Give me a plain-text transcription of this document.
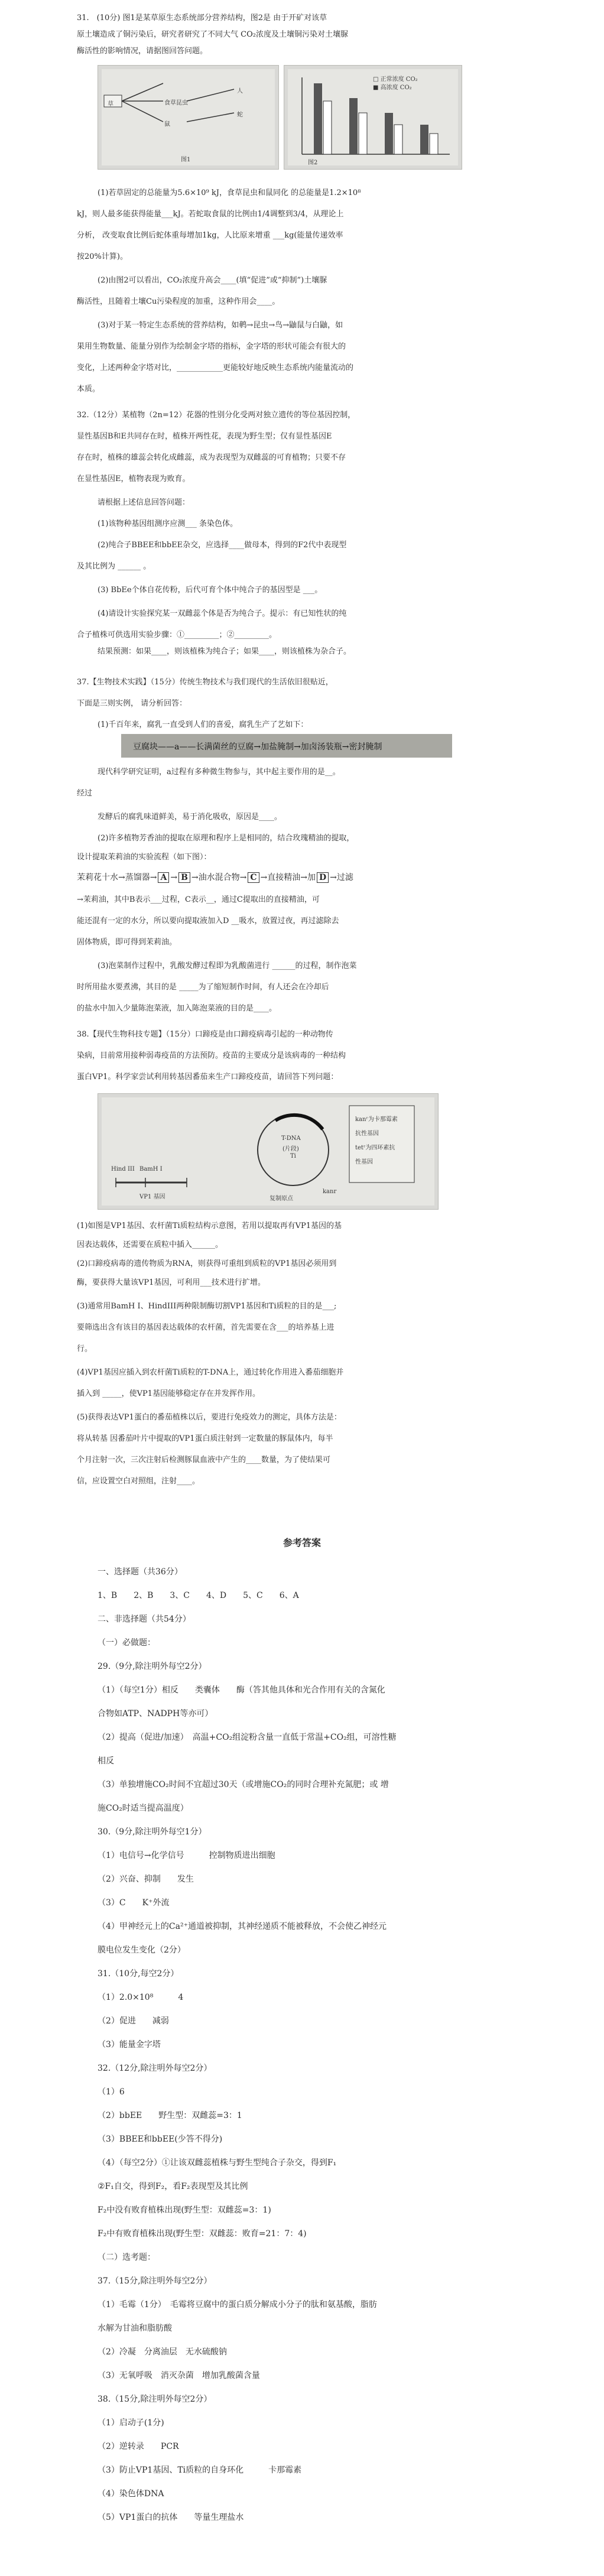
草
人
食草昆虫
鼠
蛇
图1
□ 正常浓度 CO₂
■ 高浓度 CO₂
图2
31.　(10分) 图1是某草原生态系统部分营养结构，图2是 由于开矿对该草
原土壤造成了铜污染后，研究者研究了不同大气 CO₂浓度及土壤铜污染对土壤脲
酶活性的影响情况，请据图回答问题。
(1)若草固定的总能量为5.6×10⁹ kJ，食草昆虫和鼠同化 的总能量是1.2×10⁸
kJ，则人最多能获得能量___kJ。若蛇取食鼠的比例由1/4调整到3/4，从理论上
分析， 改变取食比例后蛇体重每增加1kg，人比原来增重 ___kg(能量传递效率
按20%计算)。
(2)由图2可以看出，CO₂浓度升高会____(填“促进”或“抑制”)土壤脲
酶活性，且随着土壤Cu污染程度的加重，这种作用会____。
(3)对于某一特定生态系统的营养结构，如鹌→昆虫→鸟→鼬鼠与白鼬，如
果用生物数量、能量分别作为绘制金字塔的指标，金字塔的形状可能会有很大的
变化，上述两种金字塔对比，____________更能较好地反映生态系统内能量流动的
本质。
32.（12分）某植物（2n=12）花器的性别分化受两对独立遗传的等位基因控制，
显性基因B和E共同存在时，植株开两性花，表现为野生型；仅有显性基因E
存在时，植株的雄蕊会转化成雌蕊，成为表现型为双雌蕊的可育植物；只要不存
在显性基因E，植物表现为败育。
请根据上述信息回答问题：
(1)该物种基因组测序应测___ 条染色体。
(2)纯合子BBEE和bbEE杂交，应选择____做母本，得到的F2代中表现型
及其比例为 ______ 。
(3) BbEe个体自花传粉，后代可育个体中纯合子的基因型是 ___。
(4)请设计实验探究某一双雌蕊个体是否为纯合子。提示：有已知性状的纯
合子植株可供选用实验步骤：①_________；②_________。
结果预测：如果____，则该植株为纯合子；如果____，则该植株为杂合子。
37.【生物技术实践】（15分）传统生物技术与我们现代的生活依旧很贴近，
下面是三则实例， 请分析回答：
(1)千百年来，腐乳一直受到人们的喜爱，腐乳生产了艺如下：
豆腐块——a——长满菌丝的豆腐→加盐腌制→加卤汤装瓶→密封腌制
现代科学研究证明，a过程有多种微生物参与，其中起主要作用的是__。
经过
发酵后的腐乳味道鲜美，易于消化吸收，原因是____。
(2)许多植物芳香油的提取在原理和程序上是相同的，结合玫瑰精油的提取，
设计提取茉莉油的实验流程（如下图）：
茉莉花十水→蒸馏器→ A → B →油水混合物→ C →直接精油→加 D →过滤
→茉莉油，其中B表示___过程，C表示__，通过C提取出的直接精油，可
能还混有一定的水分，所以要向提取液加入D __吸水，放置过夜，再过滤除去
固体物质，即可得到茉莉油。
(3)泡菜制作过程中，乳酸发酵过程即为乳酸菌进行 ______的过程，制作泡菜
时所用盐水要煮沸，其目的是 _____为了缩短制作时间，有人还会在冷却后
的盐水中加入少量陈泡菜液，加入陈泡菜液的目的是____。
38.【现代生物科技专题】（15分）口蹄疫是由口蹄疫病毒引起的一种动物传
染病，目前常用接种弱毒疫苗的方法预防。疫苗的主要成分是该病毒的一种结构
蛋白VP1。科学家尝试利用转基因番茄来生产口蹄疫疫苗，请回答下列问题：
Hind III BamH I
VP1 基因
T-DNA
(片段)
Ti
复制原点
kanr
kanʳ为卡那霉素
抗性基因
tetʳ为四环素抗
性基因
(1)如图是VP1基因、农杆菌Ti质粒结构示意图，若用以提取再有VP1基因的基
因表达载体，还需要在质粒中插入______。
(2)口蹄疫病毒的遗传物质为RNA，则获得可重组到质粒的VP1基因必须用到
酶，要获得大量该VP1基因，可利用___技术进行扩增。
(3)通常用BamH I、HindIII两种限制酶切割VP1基因和Ti质粒的目的是___;
要筛选出含有该目的基因表达载体的农杆菌，首先需要在含___的培养基上进
行。
(4)VP1基因应插入到农杆菌Ti质粒的T-DNA上，通过转化作用进入番茄细胞并
插入到 _____，使VP1基因能够稳定存在并发挥作用。
(5)获得表达VP1蛋白的番茄植株以后，要进行免疫效力的测定，具体方法是：
将从转基 因番茄叶片中提取的VP1蛋白质注射到一定数量的豚鼠体内，每半
个月注射一次，三次注射后检测豚鼠血液中产生的____数量，为了使结果可
信，应设置空白对照组，注射____。
参考答案
一、选择题（共36分）
1、B　　2、B　　3、C　　4、D　　5、C　　6、A
二、非选择题（共54分）
（一）必做题：
29.（9分,除注明外每空2分）
（1）（每空1分）相反　　类囊体　　酶（答其他具体和光合作用有关的含氮化
合物如ATP、NADPH等亦可）
（2）提高（促进/加速）　高温+CO₂组淀粉含量一直低于常温+CO₂组，可溶性糖
相反
（3）单独增施CO₂时间不宜超过30天（或增施CO₂的同时合理补充氮肥；或 增
施CO₂时适当提高温度）
30.（9分,除注明外每空1分）
（1）电信号→化学信号　　　控制物质进出细胞
（2）兴奋、抑制　　发生
（3）C　　K⁺外流
（4）甲神经元上的Ca²⁺通道被抑制，其神经递质不能被释放，不会使乙神经元
膜电位发生变化（2分）
31.（10分,每空2分）
（1）2.0×10⁸　　　4
（2）促进　　减弱
（3）能量金字塔
32.（12分,除注明外每空2分）
（1）6
（2）bbEE　　野生型：双雌蕊=3：1
（3）BBEE和bbEE(少答不得分)
（4）（每空2分）①让该双雌蕊植株与野生型纯合子杂交，得到F₁
②F₁自交，得到F₂，看F₂表现型及其比例
F₂中没有败育植株出现(野生型：双雌蕊=3：1)
F₂中有败育植株出现(野生型：双雌蕊：败育=21：7：4)
（二）选考题：
37.（15分,除注明外每空2分）
（1）毛霉（1分）　毛霉将豆腐中的蛋白质分解成小分子的肽和氨基酸，脂肪
水解为甘油和脂肪酸
（2）冷凝　分离油层　无水硫酸钠
（3）无氧呼吸　消灭杂菌　增加乳酸菌含量
38.（15分,除注明外每空2分）
（1）启动子(1分)
（2）逆转录　　PCR
（3）防止VP1基因、Ti质粒的自身环化　　　卡那霉素
（4）染色体DNA
（5）VP1蛋白的抗体　　等量生理盐水
